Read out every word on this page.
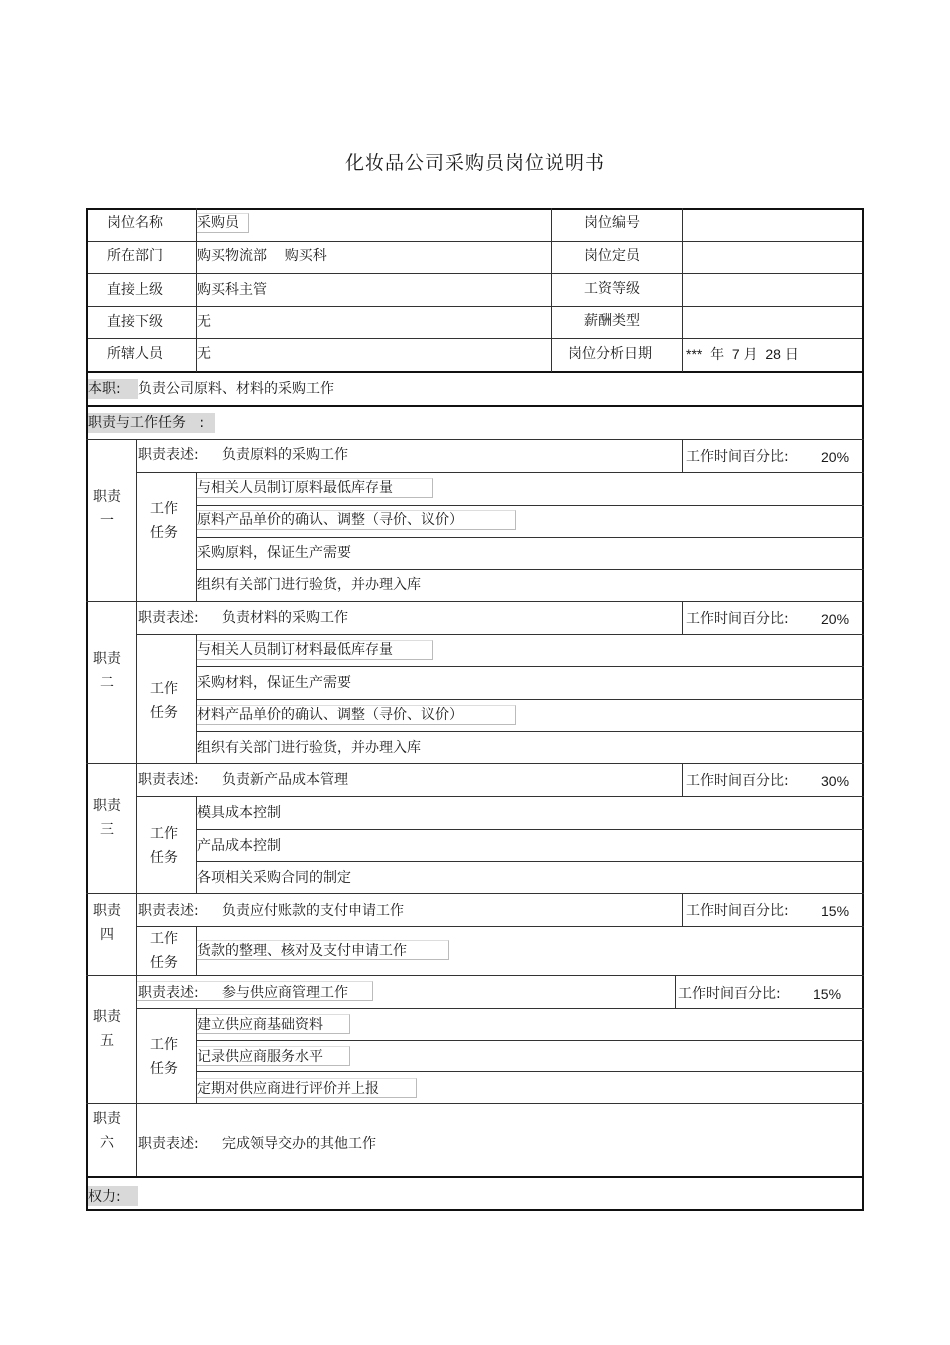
化妆品公司采购员岗位说明书
岗位名称 采购员	岗位编号
所在部门 购买物流部    购买科	岗位定员
直接上级 购买科主管	工资等级
直接下级 无	薪酬类型
所辖人员 无	岗位分析日期 ***  年  7 月  28 日
本职: 负责公司原料、材料的采购工作
职责与工作任务   :
职责一
职责表述: 负责原料的采购工作	工作时间百分比: 20%
工作任务
与相关人员制订原料最低库存量
原料产品单价的确认、调整（寻价、议价）
采购原料，保证生产需要
组织有关部门进行验货，并办理入库
职责二
职责表述: 负责材料的采购工作	工作时间百分比: 20%
工作任务
与相关人员制订材料最低库存量
采购材料，保证生产需要
材料产品单价的确认、调整（寻价、议价）
组织有关部门进行验货，并办理入库
职责三
职责表述: 负责新产品成本管理	工作时间百分比: 30%
工作任务
模具成本控制
产品成本控制
各项相关采购合同的制定
职责四
职责表述: 负责应付账款的支付申请工作	工作时间百分比: 15%
工作任务
货款的整理、核对及支付申请工作
职责五
职责表述: 参与供应商管理工作	工作时间百分比: 15%
工作任务
建立供应商基础资料
记录供应商服务水平
定期对供应商进行评价并上报
职责六	职责表述: 完成领导交办的其他工作
权力:
